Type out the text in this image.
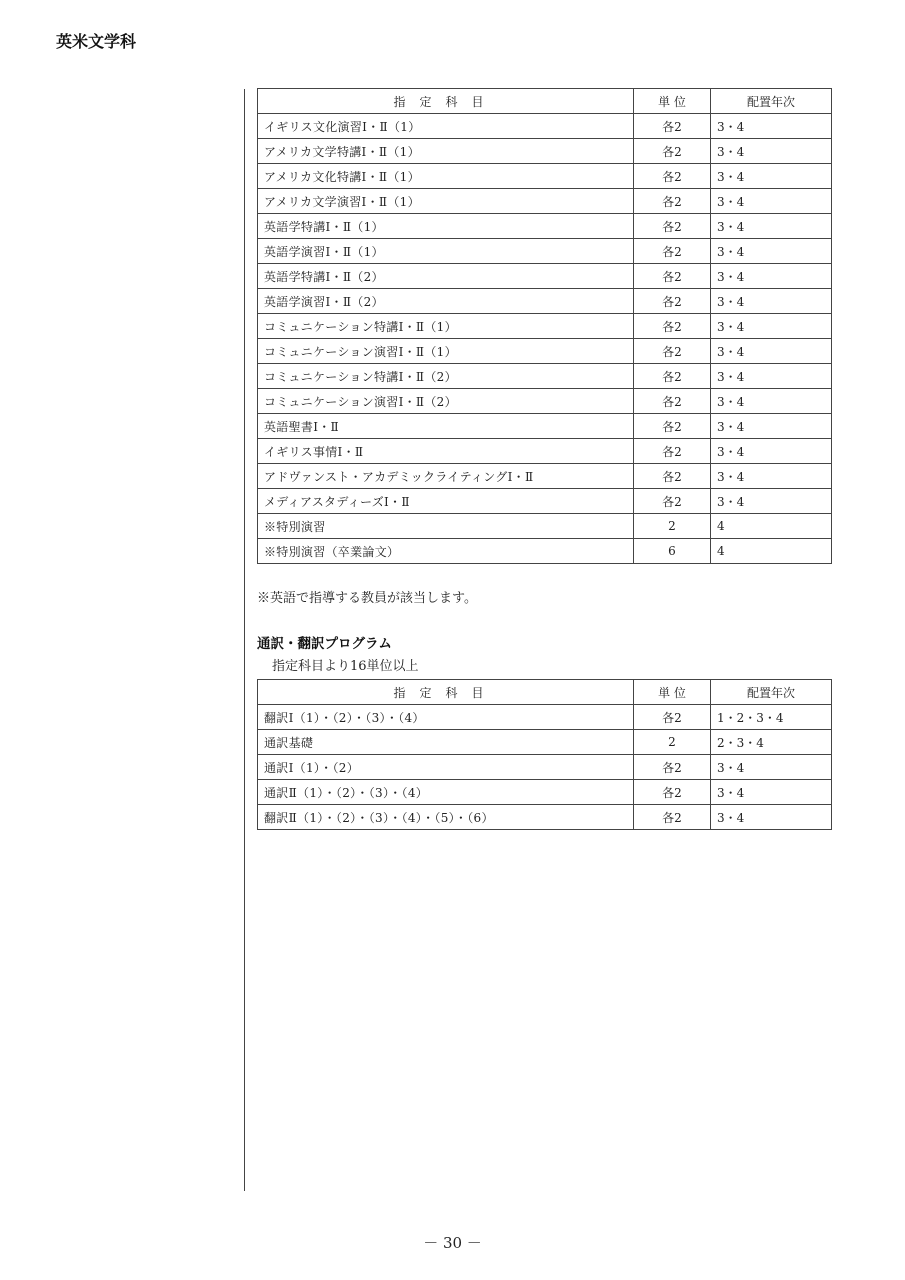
英米文学科
指定科目	単 位	配置年次
イギリス文化演習Ⅰ・Ⅱ（1）	各2	3・4
アメリカ文学特講Ⅰ・Ⅱ（1）	各2	3・4
アメリカ文化特講Ⅰ・Ⅱ（1）	各2	3・4
アメリカ文学演習Ⅰ・Ⅱ（1）	各2	3・4
英語学特講Ⅰ・Ⅱ（1）	各2	3・4
英語学演習Ⅰ・Ⅱ（1）	各2	3・4
英語学特講Ⅰ・Ⅱ（2）	各2	3・4
英語学演習Ⅰ・Ⅱ（2）	各2	3・4
コミュニケーション特講Ⅰ・Ⅱ（1）	各2	3・4
コミュニケーション演習Ⅰ・Ⅱ（1）	各2	3・4
コミュニケーション特講Ⅰ・Ⅱ（2）	各2	3・4
コミュニケーション演習Ⅰ・Ⅱ（2）	各2	3・4
英語聖書Ⅰ・Ⅱ	各2	3・4
イギリス事情Ⅰ・Ⅱ	各2	3・4
アドヴァンスト・アカデミックライティングⅠ・Ⅱ	各2	3・4
メディアスタディーズⅠ・Ⅱ	各2	3・4
※特別演習	2	4
※特別演習（卒業論文）	6	4
※英語で指導する教員が該当します。
通訳・翻訳プログラム
指定科目より16単位以上
指定科目	単 位	配置年次
翻訳Ⅰ（1）・（2）・（3）・（4）	各2	1・2・3・4
通訳基礎	2	2・3・4
通訳Ⅰ（1）・（2）	各2	3・4
通訳Ⅱ（1）・（2）・（3）・（4）	各2	3・4
翻訳Ⅱ（1）・（2）・（3）・（4）・（5）・（6）	各2	3・4
－ 30 －
